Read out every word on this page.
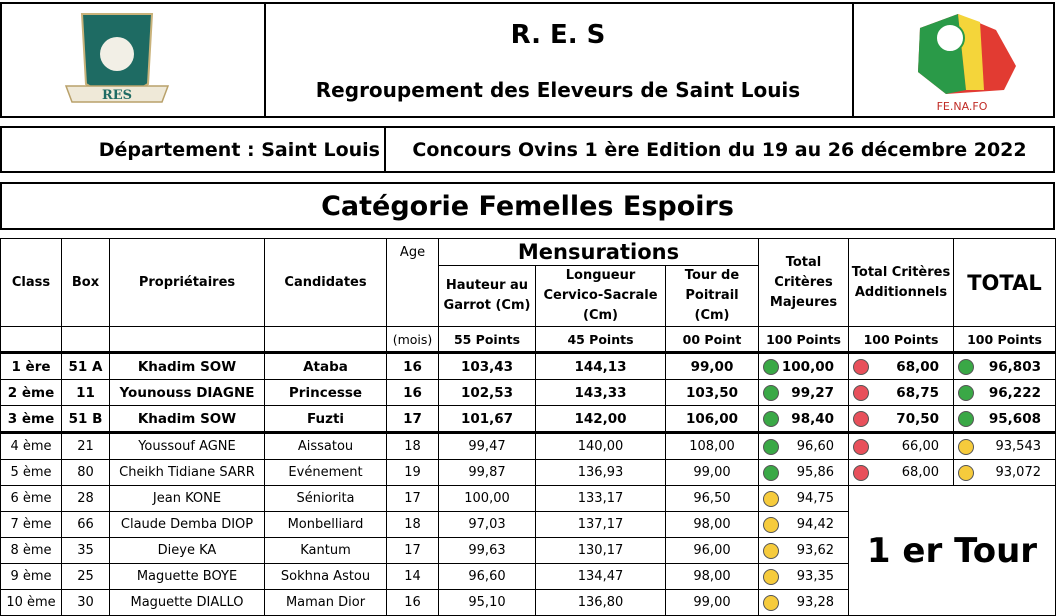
RES
R. E. S
Regroupement des Eleveurs de Saint Louis
FE.NA.FO
Département : Saint Louis	Concours Ovins 1 ère Edition du 19 au 26 décembre 2022
Catégorie Femelles Espoirs
Class	Box	Propriétaires	Candidates	Age	Mensurations			Total Critères Majeures	Total Critères Additionnels	TOTAL
					Hauteur au Garrot (Cm)	Longueur Cervico-Sacrale (Cm)	Tour de Poitrail (Cm)			
				(mois)	55 Points	45 Points	00 Point	100 Points	100 Points	100 Points
1 ère	51 A	Khadim SOW	Ataba	16	103,43	144,13	99,00	100,00	68,00	96,803
2 ème	11	Younouss DIAGNE	Princesse	16	102,53	143,33	103,50	99,27	68,75	96,222
3 ème	51 B	Khadim SOW	Fuzti	17	101,67	142,00	106,00	98,40	70,50	95,608
4 ème	21	Youssouf AGNE	Aissatou	18	99,47	140,00	108,00	96,60	66,00	93,543
5 ème	80	Cheikh Tidiane SARR	Evénement	19	99,87	136,93	99,00	95,86	68,00	93,072
6 ème	28	Jean KONE	Séniorita	17	100,00	133,17	96,50	94,75	1 er Tour	
7 ème	66	Claude Demba DIOP	Monbelliard	18	97,03	137,17	98,00	94,42		
8 ème	35	Dieye KA	Kantum	17	99,63	130,17	96,00	93,62		
9 ème	25	Maguette BOYE	Sokhna Astou	14	96,60	134,47	98,00	93,35		
10 ème	30	Maguette DIALLO	Maman Dior	16	95,10	136,80	99,00	93,28		
